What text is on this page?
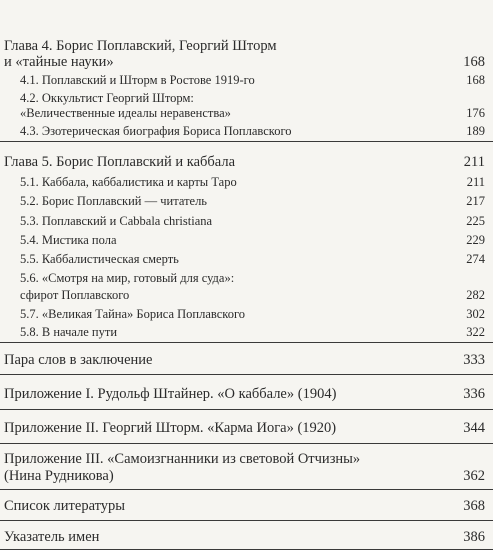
Глава 4. Борис Поплавский, Георгий Шторм
и «тайные науки»	168
4.1. Поплавский и Шторм в Ростове 1919-го	168
4.2. Оккультист Георгий Шторм:
«Величественные идеалы неравенства»	176
4.3. Эзотерическая биография Бориса Поплавского	189
Глава 5. Борис Поплавский и каббала	211
5.1. Каббала, каббалистика и карты Таро	211
5.2. Борис Поплавский — читатель	217
5.3. Поплавский и Cabbala christiana	225
5.4. Мистика пола	229
5.5. Каббалистическая смерть	274
5.6. «Смотря на мир, готовый для суда»:
сфирот Поплавского	282
5.7. «Великая Тайна» Бориса Поплавского	302
5.8. В начале пути	322
Пара слов в заключение	333
Приложение I. Рудольф Штайнер. «О каббале» (1904)	336
Приложение II. Георгий Шторм. «Карма Иога» (1920)	344
Приложение III. «Самоизгнанники из световой Отчизны»
(Нина Рудникова)	362
Список литературы	368
Указатель имен	386
